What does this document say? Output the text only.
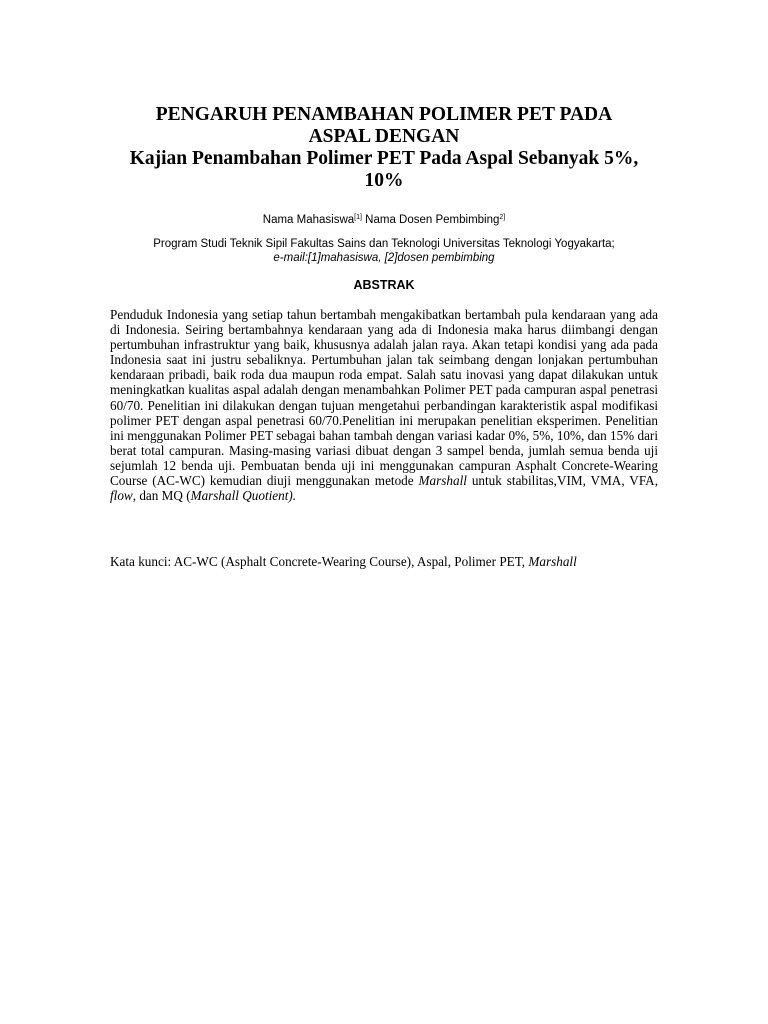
PENGARUH PENAMBAHAN POLIMER PET PADA
ASPAL DENGAN
Kajian Penambahan Polimer PET Pada Aspal Sebanyak 5%,
10%
Nama Mahasiswa[1] Nama Dosen Pembimbing$^{2]}$
Program Studi Teknik Sipil Fakultas Sains dan Teknologi Universitas Teknologi Yogyakarta;
e-mail:[1]mahasiswa, [2]dosen pembimbing
ABSTRAK

Penduduk Indonesia yang setiap tahun bertambah mengakibatkan bertambah pula kendaraan yang ada di Indonesia. Seiring bertambahnya kendaraan yang ada di Indonesia maka harus diimbangi dengan pertumbuhan infrastruktur yang baik, khususnya adalah jalan raya. Akan tetapi kondisi yang ada pada Indonesia saat ini justru sebaliknya. Pertumbuhan jalan tak seimbang dengan lonjakan pertumbuhan kendaraan pribadi, baik roda dua maupun roda empat. Salah satu inovasi yang dapat dilakukan untuk meningkatkan kualitas aspal adalah dengan menambahkan Polimer PET pada campuran aspal penetrasi 60/70. Penelitian ini dilakukan dengan tujuan mengetahui perbandingan karakteristik aspal modifikasi polimer PET dengan aspal penetrasi 60/70.Penelitian ini merupakan penelitian eksperimen. Penelitian ini menggunakan Polimer PET sebagai bahan tambah dengan variasi kadar 0%, 5%, 10%, dan 15% dari berat total campuran. Masing-masing variasi dibuat dengan 3 sampel benda, jumlah semua benda uji sejumlah 12 benda uji. Pembuatan benda uji ini menggunakan campuran Asphalt Concrete-Wearing Course (AC-WC) kemudian diuji menggunakan metode Marshall untuk stabilitas,VIM, VMA, VFA, flow, dan MQ (Marshall Quotient).

Kata kunci: AC-WC (Asphalt Concrete-Wearing Course), Aspal, Polimer PET, Marshall
